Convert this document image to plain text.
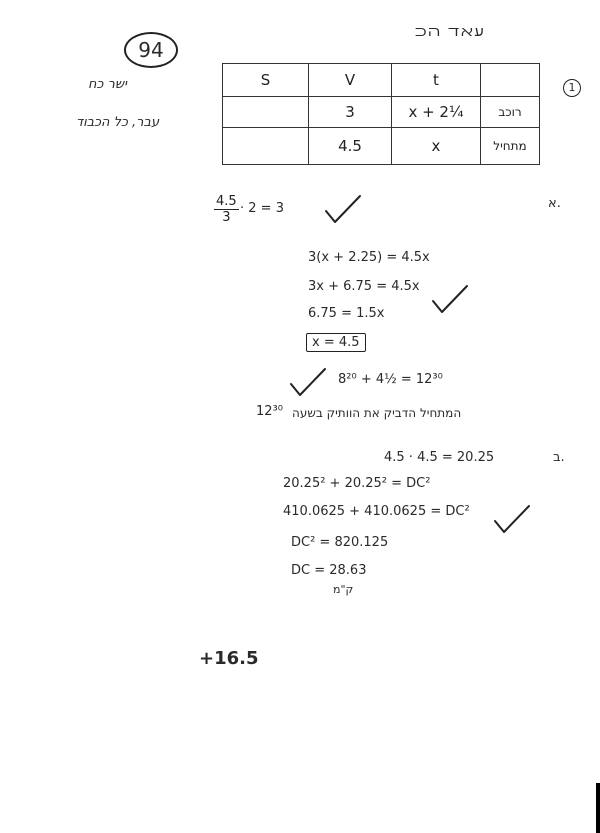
ﬠﬡﬢ ﬣﬤ
94
ישר כח
עבר, כל הכבוד
1
S	V	t	
	3	x + 2¼	רוכב
	4.5	x	מתחיל
א.
$\frac{4.5}{3} \cdot 2 = 3$
3(x + 2.25) = 4.5x
3x + 6.75 = 4.5x
6.75 = 1.5x
x = 4.5
8²⁰ + 4½ = 12³⁰
12³⁰ המתחיל הדביק את הוותיק בשעה
ב.
4.5 · 4.5 = 20.25
20.25² + 20.25² = DC²
410.0625 + 410.0625 = DC²
DC² = 820.125
DC = 28.63
ק"מ
+16.5
